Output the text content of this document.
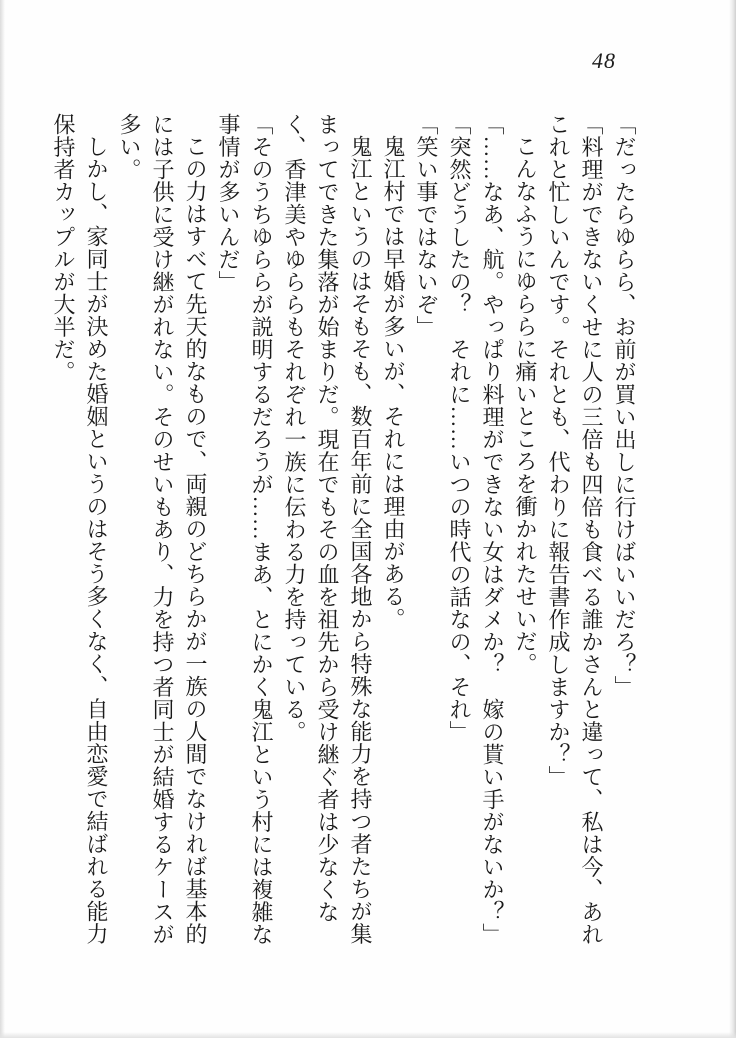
48

「だったらゆらら、お前が買い出しに行けばいいだろ？」

「料理ができないくせに人の三倍も四倍も食べる誰かさんと違って、私は今、あれこれと忙しいんです。それとも、代わりに報告書作成しますか？」

こんなふうにゆららに痛いところを衝かれたせいだ。

「……なあ、航。やっぱり料理ができない女はダメか？　嫁の貰い手がないか？」

「突然どうしたの？　それに……いつの時代の話なの、それ」

「笑い事ではないぞ」

鬼江村では早婚が多いが、それには理由がある。

鬼江というのはそもそも、数百年前に全国各地から特殊な能力を持つ者たちが集まってできた集落が始まりだ。現在でもその血を祖先から受け継ぐ者は少なくなく、香津美やゆららもそれぞれ一族に伝わる力を持っている。

「そのうちゆららが説明するだろうが……まあ、とにかく鬼江という村には複雑な事情が多いんだ」

この力はすべて先天的なもので、両親のどちらかが一族の人間でなければ基本的には子供に受け継がれない。そのせいもあり、力を持つ者同士が結婚するケースが多い。

しかし、家同士が決めた婚姻というのはそう多くなく、自由恋愛で結ばれる能力保持者カップルが大半だ。
